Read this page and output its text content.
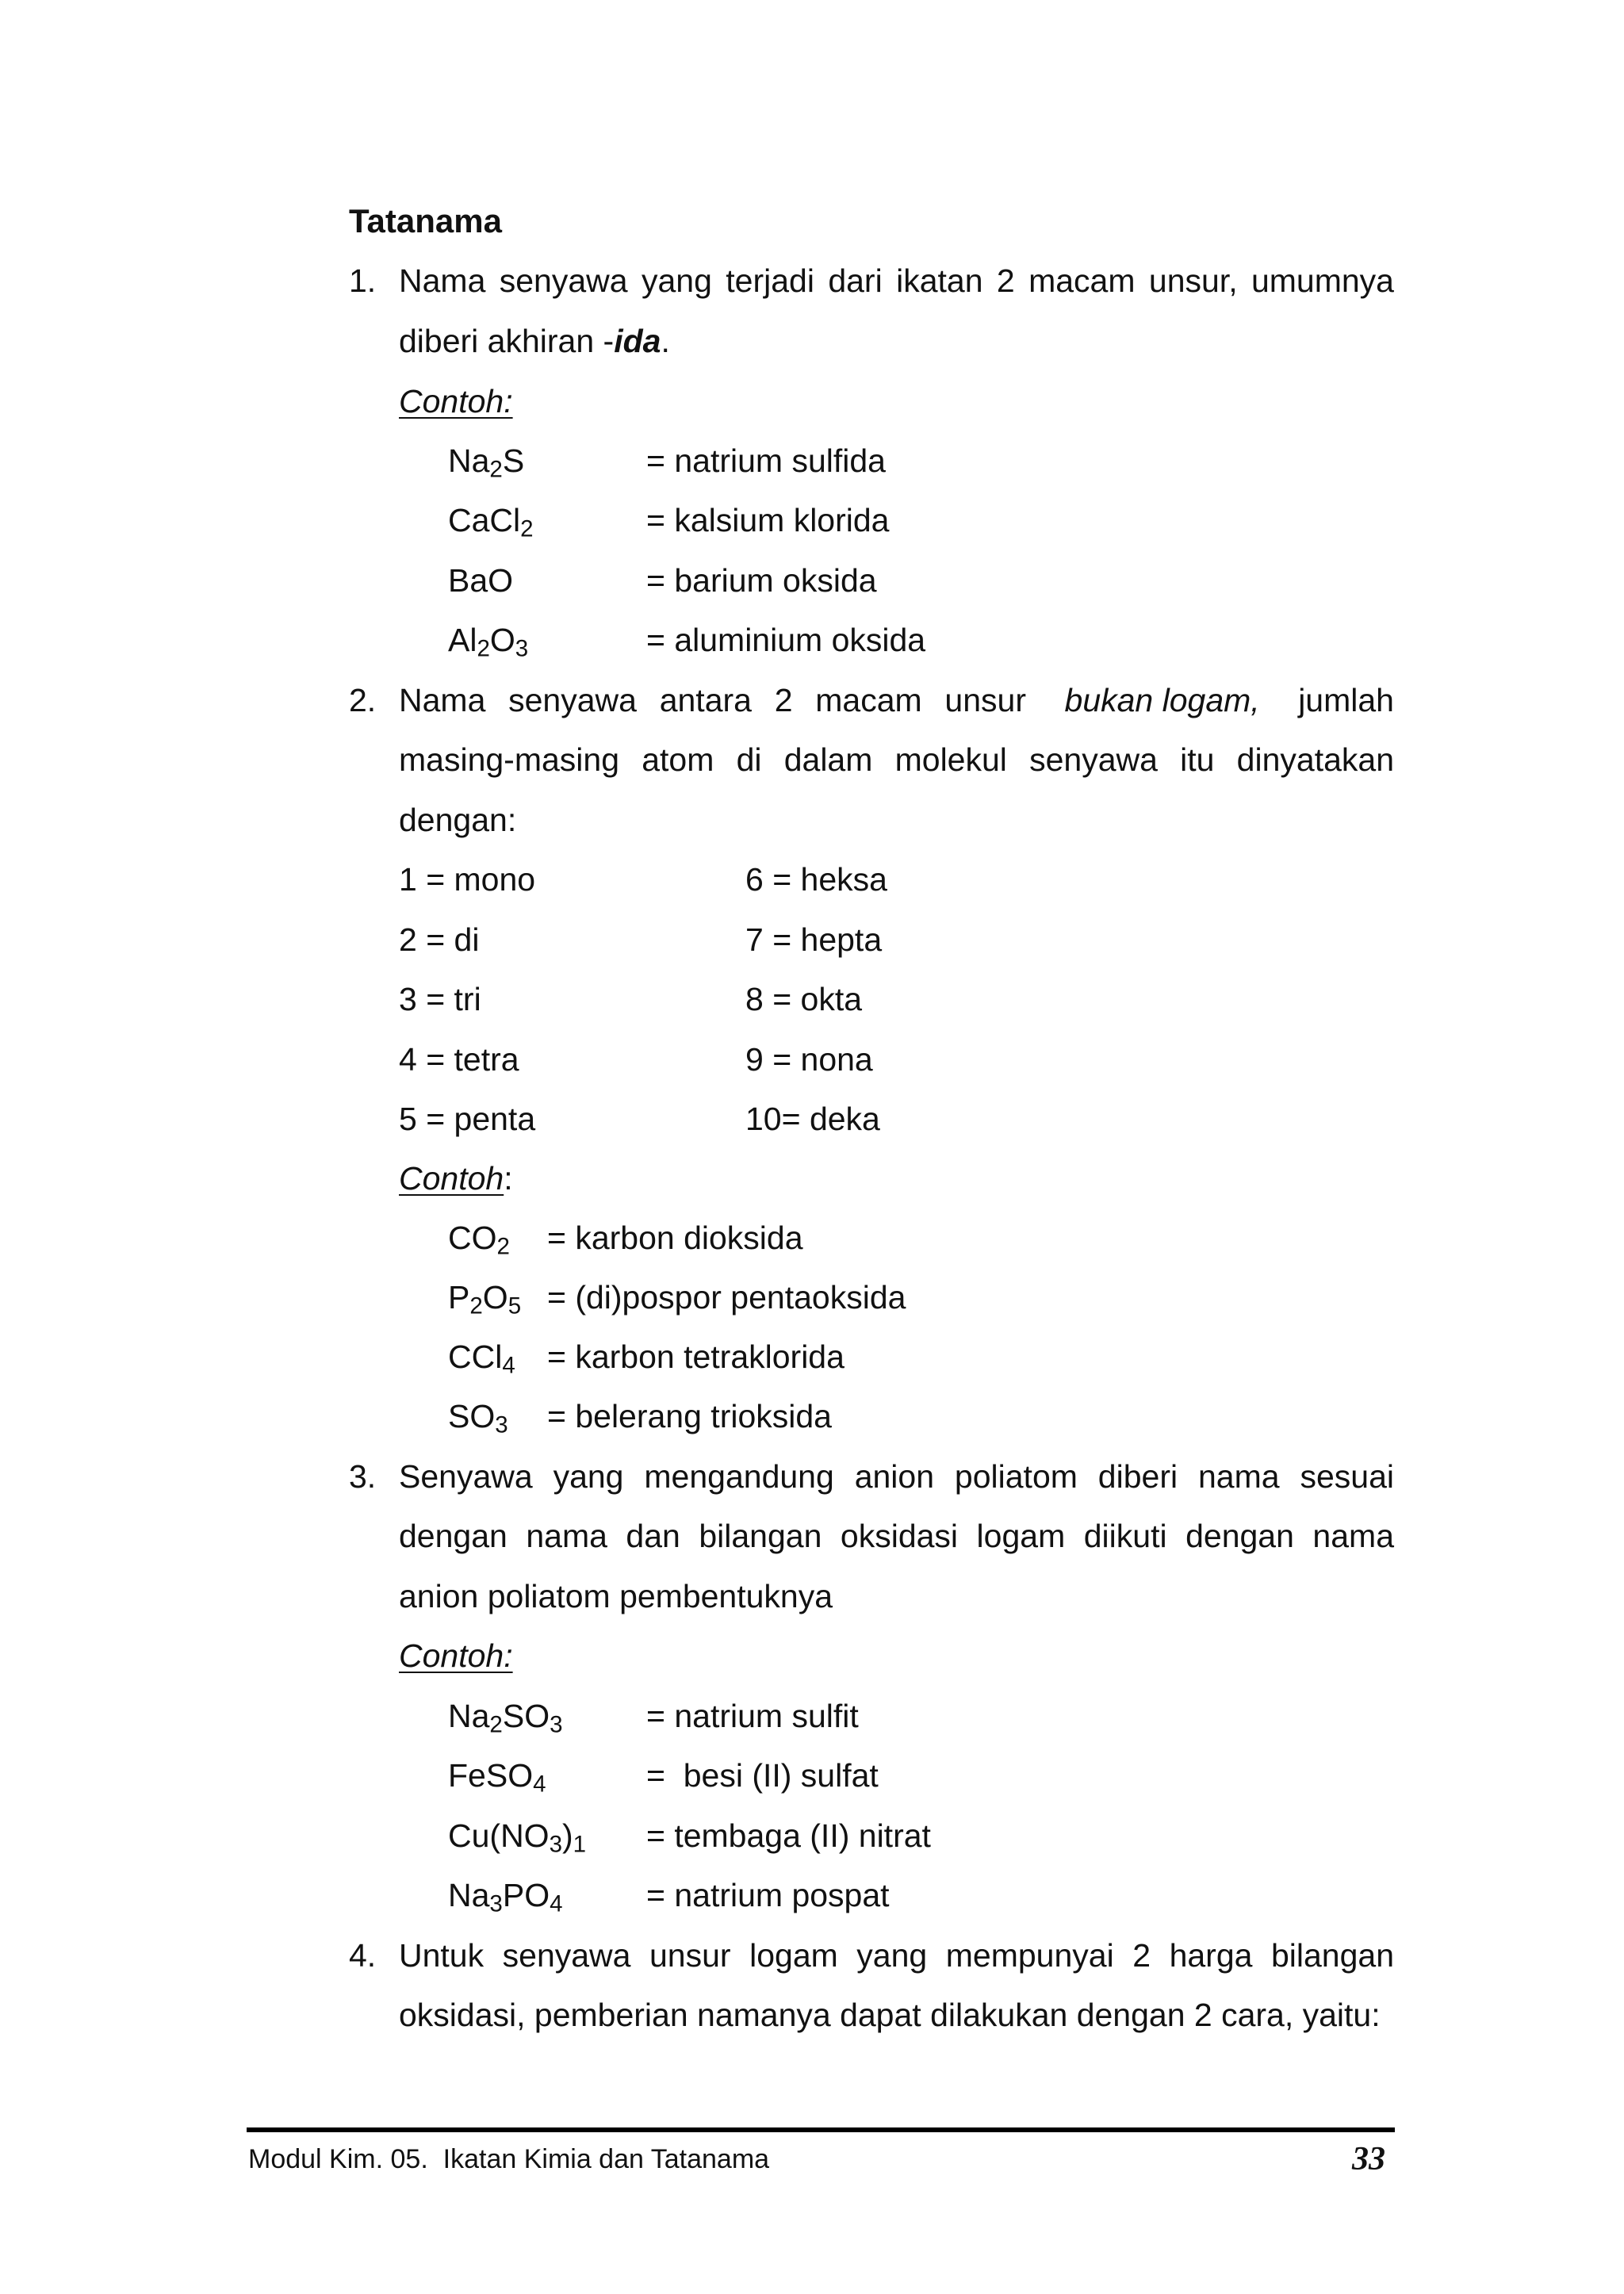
Tatanama
1. Nama senyawa yang terjadi dari ikatan 2 macam unsur, umumnya
diberi akhiran -ida.
Contoh:
$Na_2S$	= natrium sulfida
CaCl$_2$	= kalsium klorida
BaO	= barium oksida
$Al_2O_3$	= aluminium oksida
2. Nama senyawa antara 2 macam unsur bukan logam, jumlah
masing-masing atom di dalam molekul senyawa itu dinyatakan
dengan:
1 = mono	6 = heksa
2 = di	7 = hepta
3 = tri	8 = okta
4 = tetra	9 = nona
5 = penta	10= deka
Contoh:
$CO_2$ = karbon dioksida
$P_2O_5$ = (di)pospor pentaoksida
CCl$_4$ = karbon tetraklorida
$SO_3$ = belerang trioksida
3. Senyawa yang mengandung anion poliatom diberi nama sesuai
dengan nama dan bilangan oksidasi logam diikuti dengan nama
anion poliatom pembentuknya
Contoh:
$Na_2SO_3$	= natrium sulfit
FeSO$_4$	=  besi (II) sulfat
$Cu(NO_3)_1$ = tembaga (II) nitrat
$Na_3PO_4$	= natrium pospat
4. Untuk senyawa unsur logam yang mempunyai 2 harga bilangan
oksidasi, pemberian namanya dapat dilakukan dengan 2 cara, yaitu:
Modul Kim. 05.  Ikatan Kimia dan Tatanama	33
